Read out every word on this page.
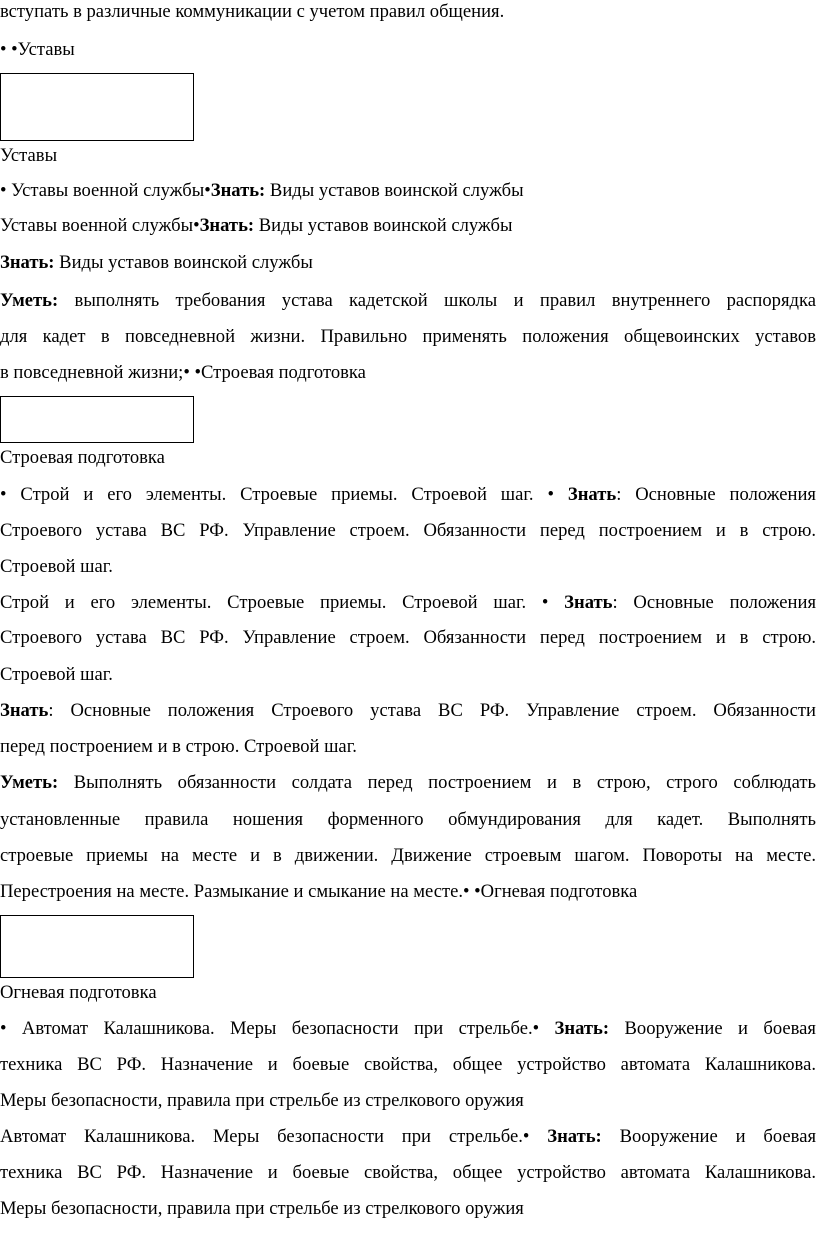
вступать в различные коммуникации с учетом правил общения.

• •Уставы

Уставы

• Уставы военной службы•Знать: Виды уставов воинской службы

Уставы военной службы•Знать: Виды уставов воинской службы

Знать: Виды уставов воинской службы

Уметь: выполнять требования устава кадетской школы и правил внутреннего распорядка

для кадет в повседневной жизни. Правильно применять положения общевоинских уставов

в повседневной жизни;• •Строевая подготовка

Строевая подготовка

• Строй и его элементы. Строевые приемы. Строевой шаг. • Знать: Основные положения

Строевого устава ВС РФ. Управление строем. Обязанности перед построением и в строю.

Строевой шаг.

Строй и его элементы. Строевые приемы. Строевой шаг. • Знать: Основные положения

Строевого устава ВС РФ. Управление строем. Обязанности перед построением и в строю.

Строевой шаг.

Знать: Основные положения Строевого устава ВС РФ. Управление строем. Обязанности

перед построением и в строю. Строевой шаг.

Уметь: Выполнять обязанности солдата перед построением и в строю, строго соблюдать

установленные правила ношения форменного обмундирования для кадет. Выполнять

строевые приемы на месте и в движении. Движение строевым шагом. Повороты на месте.

Перестроения на месте. Размыкание и смыкание на месте.• •Огневая подготовка

Огневая подготовка

• Автомат Калашникова. Меры безопасности при стрельбе.• Знать: Вооружение и боевая

техника ВС РФ. Назначение и боевые свойства, общее устройство автомата Калашникова.

Меры безопасности, правила при стрельбе из стрелкового оружия

Автомат Калашникова. Меры безопасности при стрельбе.• Знать: Вооружение и боевая

техника ВС РФ. Назначение и боевые свойства, общее устройство автомата Калашникова.

Меры безопасности, правила при стрельбе из стрелкового оружия
